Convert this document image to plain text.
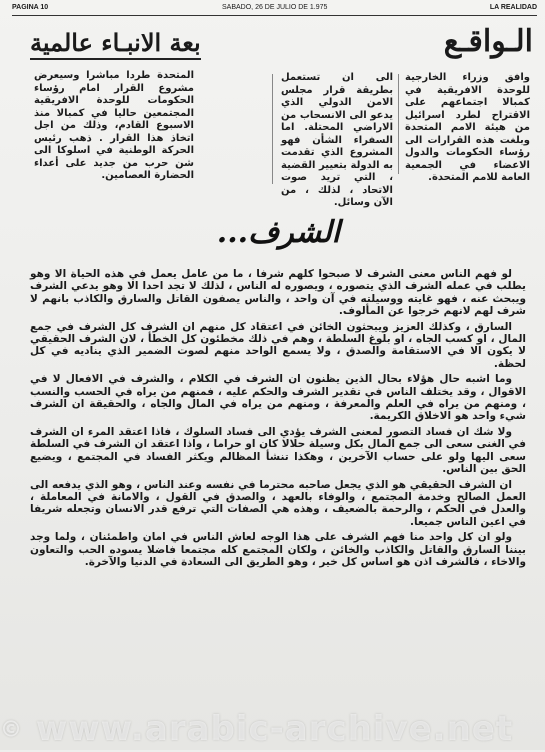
PAGINA 10	SABADO, 26 DE JULIO DE 1.975	LA REALIDAD
الـواقـع
بعة الانبـاء عالمية
وافق وزراء الخارجية للوحدة الافريقية في كمبالا اجتماعهم على الاقتراح لطرد اسرائيل من هيئة الامم المتحدة وبلغت هذه القرارات الى رؤساء الحكومات والدول الاعضاء في الجمعية العامة للامم المتحدة.
الى ان تستعمل بطريقة قرار مجلس الامن الدولي الذي يدعو الى الانسحاب من الاراضي المحتلة. اما السفراء الشأن فهو المشروع الذي تقدمت به الدولة بتعيير القضية ، التي تريد صوت الاتحاد ، لذلك ، من الآن وسائل.
المتحدة طردا مباشرا وسيعرض مشروع القرار امام رؤساء الحكومات للوحدة الافريقية المجتمعين حاليا في كمبالا منذ الاسبوع القادم، وذلك من اجل اتخاذ هذا القرار . ذهب رئيس الحركة الوطنية في اسلوكا الى شن حرب من جديد على أعداء الحضارة العصامين.
الشرف...

لو فهم الناس معنى الشرف لا صبحوا كلهم شرفا ، ما من عامل يعمل في هذه الحياة الا وهو يطلب في عمله الشرف الذي يتصوره ، ويصوره له الناس ، لذلك لا تجد احدا الا وهو يدعي الشرف ويبحث عنه ، فهو غايته ووسيلته في آن واحد ، والناس يصفون القاتل والسارق والكاذب بانهم لا شرف لهم لانهم خرجوا عن المألوف.

السارق ، وكذلك العزيز ويبحثون الخائن في اعتقاد كل منهم ان الشرف كل الشرف في جمع المال ، او كسب الجاه ، او بلوغ السلطة ، وهم في ذلك مخطئون كل الخطأ ، لان الشرف الحقيقي لا يكون الا في الاستقامة والصدق ، ولا يسمع الواحد منهم لصوت الضمير الذي يناديه في كل لحظة.

وما اشبه حال هؤلاء بحال الذين يظنون ان الشرف في الكلام ، والشرف في الافعال لا في الاقوال ، وقد يختلف الناس في تقدير الشرف والحكم عليه ، فمنهم من يراه في الحسب والنسب ، ومنهم من يراه في العلم والمعرفة ، ومنهم من يراه في المال والجاه ، والحقيقة ان الشرف شيء واحد هو الاخلاق الكريمة.

ولا شك ان فساد التصور لمعنى الشرف يؤدي الى فساد السلوك ، فاذا اعتقد المرء ان الشرف في الغنى سعى الى جمع المال بكل وسيلة حلالا كان او حراما ، واذا اعتقد ان الشرف في السلطة سعى اليها ولو على حساب الآخرين ، وهكذا تنشأ المظالم ويكثر الفساد في المجتمع ، ويضيع الحق بين الناس.

ان الشرف الحقيقي هو الذي يجعل صاحبه محترما في نفسه وعند الناس ، وهو الذي يدفعه الى العمل الصالح وخدمة المجتمع ، والوفاء بالعهد ، والصدق في القول ، والامانة في المعاملة ، والعدل في الحكم ، والرحمة بالضعيف ، وهذه هي الصفات التي ترفع قدر الانسان وتجعله شريفا في اعين الناس جميعا.

ولو ان كل واحد منا فهم الشرف على هذا الوجه لعاش الناس في امان واطمئنان ، ولما وجد بيننا السارق والقاتل والكاذب والخائن ، ولكان المجتمع كله مجتمعا فاضلا يسوده الحب والتعاون والاخاء ، فالشرف اذن هو اساس كل خير ، وهو الطريق الى السعادة في الدنيا والآخرة.

© www.arabic-archive.net
